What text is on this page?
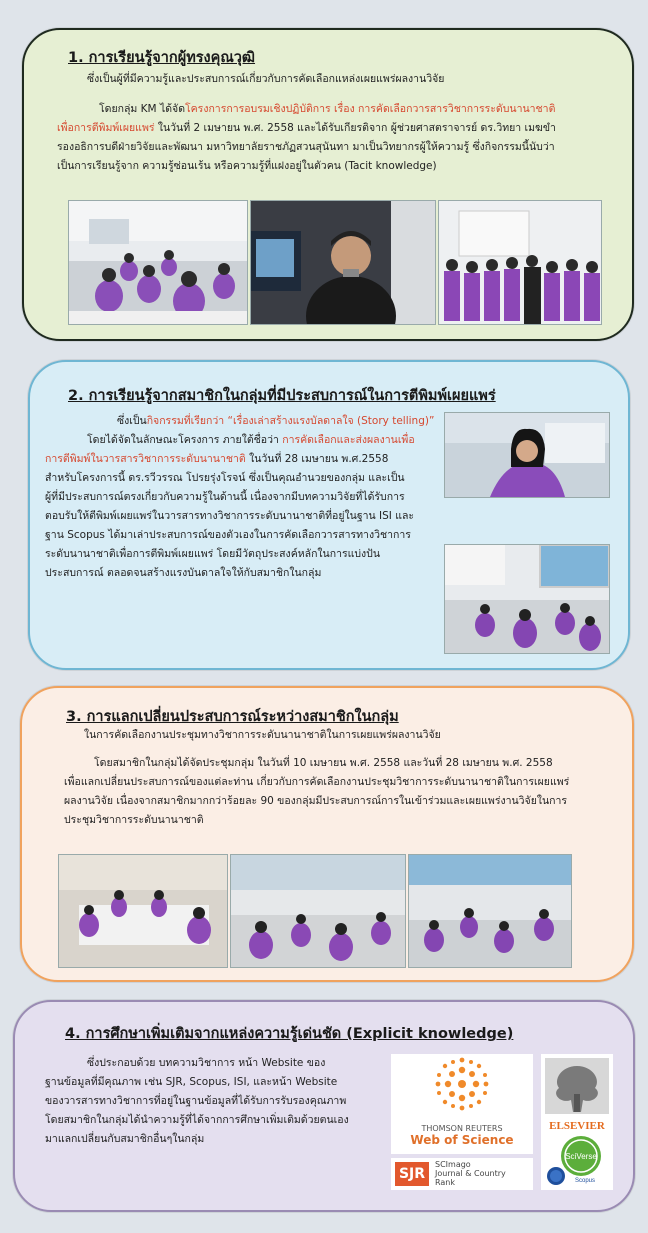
1. การเรียนรู้จากผู้ทรงคุณวุฒิ
ซึ่งเป็นผู้ที่มีความรู้และประสบการณ์เกี่ยวกับการคัดเลือกแหล่งเผยแพร่ผลงานวิจัย
โดยกลุ่ม KM ได้จัดโครงการการอบรมเชิงปฏิบัติการ เรื่อง การคัดเลือกวารสารวิชาการระดับนานาชาติ
เพื่อการตีพิมพ์เผยแพร่ ในวันที่ 2 เมษายน พ.ศ. 2558 และได้รับเกียรติจาก ผู้ช่วยศาสตราจารย์ ดร.วิทยา เมฆขำ
รองอธิการบดีฝ่ายวิจัยและพัฒนา มหาวิทยาลัยราชภัฏสวนสุนันทา มาเป็นวิทยากรผู้ให้ความรู้ ซึ่งกิจกรรมนี้นับว่า
เป็นการเรียนรู้จาก ความรู้ซ่อนเร้น หรือความรู้ที่แฝงอยู่ในตัวคน (Tacit knowledge)
2. การเรียนรู้จากสมาชิกในกลุ่มที่มีประสบการณ์ในการตีพิมพ์เผยแพร่
ซึ่งเป็นกิจกรรมที่เรียกว่า “เรื่องเล่าสร้างแรงบัลดาลใจ (Story telling)”
โดยได้จัดในลักษณะโครงการ ภายใต้ชื่อว่า การคัดเลือกและส่งผลงานเพื่อ
การตีพิมพ์ในวารสารวิชาการระดับนานาชาติ ในวันที่ 28 เมษายน พ.ศ.2558
สำหรับโครงการนี้ ดร.รวีวรรณ โปรยรุ่งโรจน์ ซึ่งเป็นคุณอำนวยของกลุ่ม และเป็น
ผู้ที่มีประสบการณ์ตรงเกี่ยวกับความรู้ในด้านนี้ เนื่องจากมีบทความวิจัยที่ได้รับการ
ตอบรับให้ตีพิมพ์เผยแพร่ในวารสารทางวิชาการระดับนานาชาติที่อยู่ในฐาน ISI และ
ฐาน Scopus ได้มาเล่าประสบการณ์ของตัวเองในการคัดเลือกวารสารทางวิชาการ
ระดับนานาชาติเพื่อการตีพิมพ์เผยแพร่ โดยมีวัตถุประสงค์หลักในการแบ่งปัน
ประสบการณ์ ตลอดจนสร้างแรงบันดาลใจให้กับสมาชิกในกลุ่ม
3. การแลกเปลี่ยนประสบการณ์ระหว่างสมาชิกในกลุ่ม
ในการคัดเลือกงานประชุมทางวิชาการระดับนานาชาติในการเผยแพร่ผลงานวิจัย
โดยสมาชิกในกลุ่มได้จัดประชุมกลุ่ม ในวันที่ 10 เมษายน พ.ศ. 2558 และวันที่ 28 เมษายน พ.ศ. 2558
เพื่อแลกเปลี่ยนประสบการณ์ของแต่ละท่าน เกี่ยวกับการคัดเลือกงานประชุมวิชาการระดับนานาชาติในการเผยแพร่
ผลงานวิจัย เนื่องจากสมาชิกมากกว่าร้อยละ 90 ของกลุ่มมีประสบการณ์การในเข้าร่วมและเผยแพร่งานวิจัยในการ
ประชุมวิชาการระดับนานาชาติ
4. การศึกษาเพิ่มเติมจากแหล่งความรู้เด่นชัด (Explicit knowledge)
ซึ่งประกอบด้วย บทความวิชาการ หน้า Website ของ
ฐานข้อมูลที่มีคุณภาพ เช่น SJR, Scopus, ISI, และหน้า Website
ของวารสารทางวิชาการที่อยู่ในฐานข้อมูลที่ได้รับการรับรองคุณภาพ
โดยสมาชิกในกลุ่มได้นำความรู้ที่ได้จากการศึกษาเพิ่มเติมด้วยตนเอง
มาแลกเปลี่ยนกับสมาชิกอื่นๆในกลุ่ม
THOMSON REUTERS
Web of Science
SJR
SCImago
Journal & Country
Rank
ELSEVIER
SciVerse
Scopus
